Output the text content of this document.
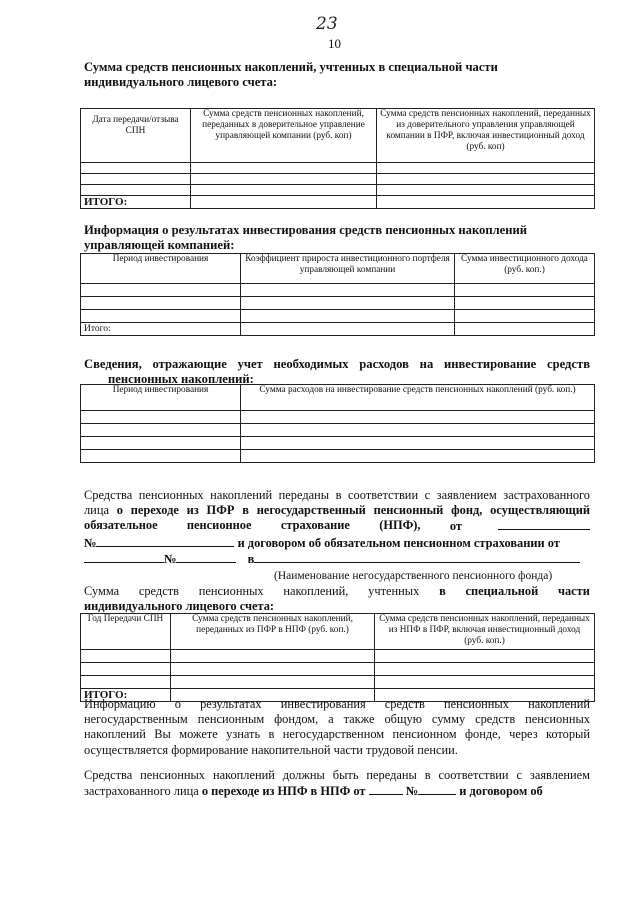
23
10
Сумма средств пенсионных накоплений, учтенных в специальной части
индивидуального лицевого счета:
Дата передачи/отзыва СПН	Сумма средств пенсионных накоплений, переданных в доверительное управление управляющей компании (руб. коп)	Сумма средств пенсионных накоплений, переданных из доверительного управления управляющей компании в ПФР, включая инвестиционный доход (руб. коп)

ИТОГО:		
Информация о результатах инвестирования средств пенсионных накоплений
управляющей компанией:
Период инвестирования	Коэффициент прироста инвестиционного портфеля управляющей компании	Сумма инвестиционного дохода (руб. коп.)

Итого:		
Сведения, отражающие учет необходимых расходов на инвестирование средств
пенсионных накоплений:
Период инвестирования	Сумма расходов на инвестирование средств пенсионных накоплений (руб. коп.)

Средства пенсионных накоплений переданы в соответствии с заявлением застрахованного
лица о переходе из ПФР в негосударственный пенсионный фонд, осуществляющий
обязательное пенсионное страхование (НПФ), от
№	и договором об обязательном пенсионном страховании от
№	в
(Наименование негосударственного пенсионного фонда)
Сумма средств пенсионных накоплений, учтенных в специальной части
индивидуального лицевого счета:
Год Передачи СПН	Сумма средств пенсионных накоплений, переданных из ПФР в НПФ (руб. коп.)	Сумма средств пенсионных накоплений, переданных из НПФ в ПФР, включая инвестиционный доход (руб. коп.)

ИТОГО:		
Информацию о результатах инвестирования средств пенсионных накоплений
негосударственным пенсионным фондом, а также общую сумму средств пенсионных
накоплений Вы можете узнать в негосударственном пенсионном фонде, через который
осуществляется формирование накопительной части трудовой пенсии.
Средства пенсионных накоплений должны быть переданы в соответствии с заявлением
застрахованного лица о переходе из НПФ в НПФ от	№	и договором об
